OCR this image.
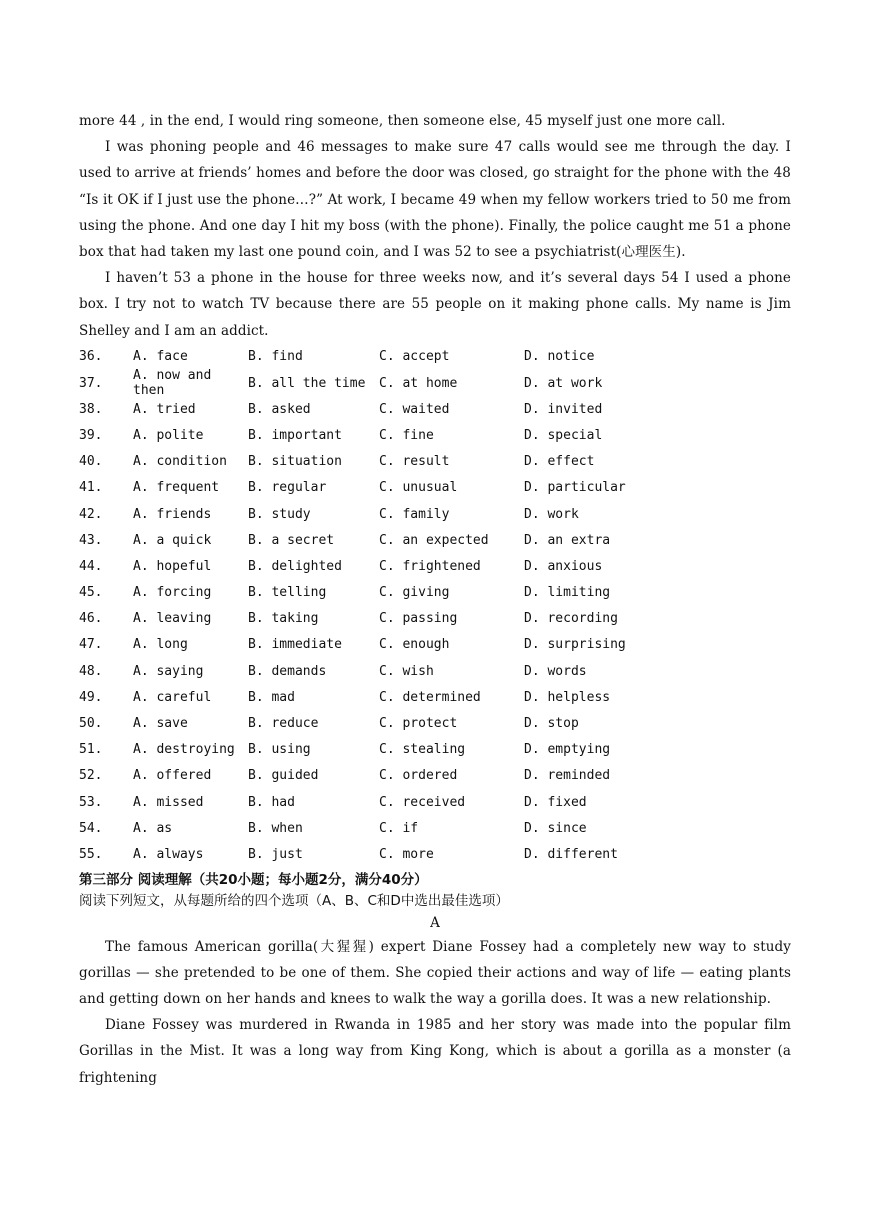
more 44 , in the end, I would ring someone, then someone else, 45 myself just one more call.

I was phoning people and 46 messages to make sure 47 calls would see me through the day. I used to arrive at friends’ homes and before the door was closed, go straight for the phone with the 48 “Is it OK if I just use the phone…?” At work, I became 49 when my fellow workers tried to 50 me from using the phone. And one day I hit my boss (with the phone). Finally, the police caught me 51 a phone box that had taken my last one pound coin, and I was 52 to see a psychiatrist(心理医生).

I haven’t 53 a phone in the house for three weeks now, and it’s several days 54 I used a phone box. I try not to watch TV because there are 55 people on it making phone calls. My name is Jim Shelley and I am an addict.

36.	A. face	B. find	C. accept	D. notice
37.	A. now and then	B. all the time	C. at home	D. at work
38.	A. tried	B. asked	C. waited	D. invited
39.	A. polite	B. important	C. fine	D. special
40.	A. condition	B. situation	C. result	D. effect
41.	A. frequent	B. regular	C. unusual	D. particular
42.	A. friends	B. study	C. family	D. work
43.	A. a quick	B. a secret	C. an expected	D. an extra
44.	A. hopeful	B. delighted	C. frightened	D. anxious
45.	A. forcing	B. telling	C. giving	D. limiting
46.	A. leaving	B. taking	C. passing	D. recording
47.	A. long	B. immediate	C. enough	D. surprising
48.	A. saying	B. demands	C. wish	D. words
49.	A. careful	B. mad	C. determined	D. helpless
50.	A. save	B. reduce	C. protect	D. stop
51.	A. destroying	B. using	C. stealing	D. emptying
52.	A. offered	B. guided	C. ordered	D. reminded
53.	A. missed	B. had	C. received	D. fixed
54.	A. as	B. when	C. if	D. since
55.	A. always	B. just	C. more	D. different
第三部分 阅读理解（共20小题；每小题2分，满分40分）
阅读下列短文，从每题所给的四个选项（A、B、C和D中选出最佳选项）
A

The famous American gorilla(大猩猩) expert Diane Fossey had a completely new way to study gorillas — she pretended to be one of them. She copied their actions and way of life — eating plants and getting down on her hands and knees to walk the way a gorilla does. It was a new relationship.

Diane Fossey was murdered in Rwanda in 1985 and her story was made into the popular film Gorillas in the Mist. It was a long way from King Kong, which is about a gorilla as a monster (a frightening
